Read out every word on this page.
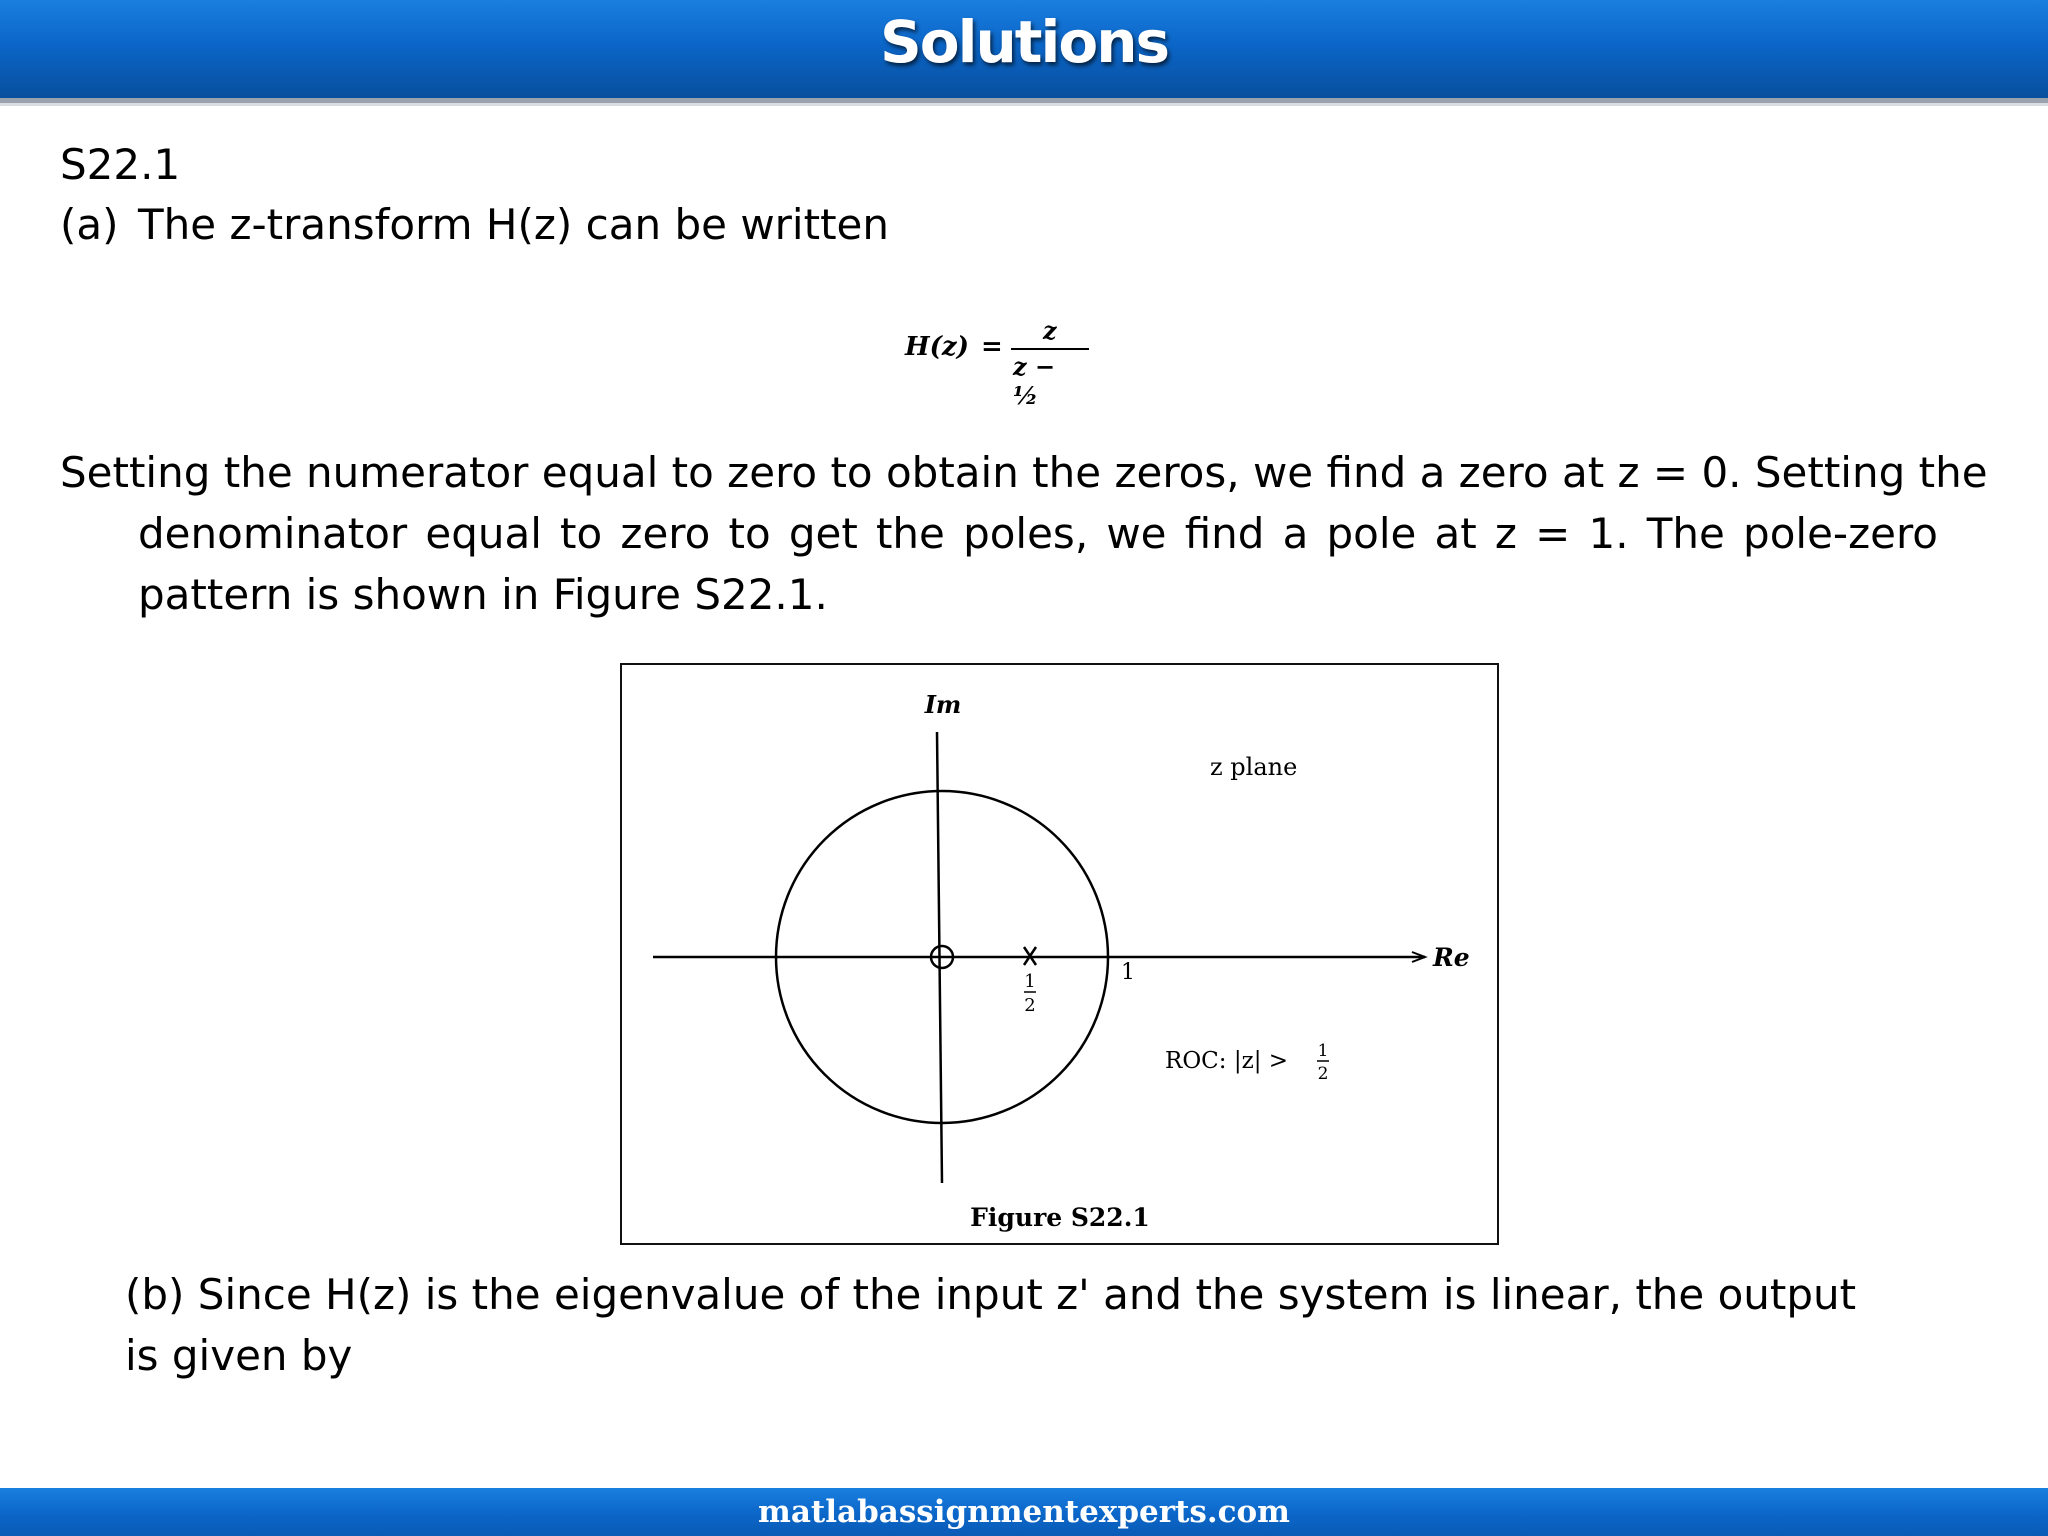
Solutions
S22.1
(a) The z-transform H(z) can be written
H(z) =
z
z − ½
Setting the numerator equal to zero to obtain the zeros, we find a zero at z = 0. Setting the
denominator equal to zero to get the poles, we find a pole at z = 1. The pole-zero
pattern is shown in Figure S22.1.
1
2
1
Im
Re
z plane
ROC: |z| > 1
2
Figure S22.1
(b) Since H(z) is the eigenvalue of the input z' and the system is linear, the output is given by
matlabassignmentexperts.com
